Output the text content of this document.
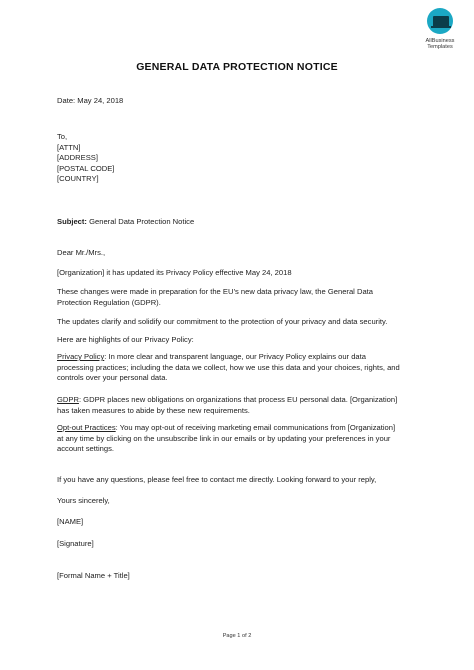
AllBusiness
Templates
GENERAL DATA PROTECTION NOTICE
Date: May 24, 2018
To,
[ATTN]
[ADDRESS]
[POSTAL CODE]
[COUNTRY]
Subject: General Data Protection Notice
Dear Mr./Mrs.,
[Organization] it has updated its Privacy Policy effective May 24, 2018
These changes were made in preparation for the EU’s new data privacy law, the General Data
Protection Regulation (GDPR).
The updates clarify and solidify our commitment to the protection of your privacy and data security.
Here are highlights of our Privacy Policy:
Privacy Policy: In more clear and transparent language, our Privacy Policy explains our data
processing practices; including the data we collect, how we use this data and your choices, rights, and
controls over your personal data.
GDPR: GDPR places new obligations on organizations that process EU personal data. [Organization]
has taken measures to abide by these new requirements.
Opt-out Practices: You may opt-out of receiving marketing email communications from [Organization]
at any time by clicking on the unsubscribe link in our emails or by updating your preferences in your
account settings.
If you have any questions, please feel free to contact me directly. Looking forward to your reply,
Yours sincerely,
[NAME]
[Signature]
[Formal Name + Title]
Page 1 of 2
